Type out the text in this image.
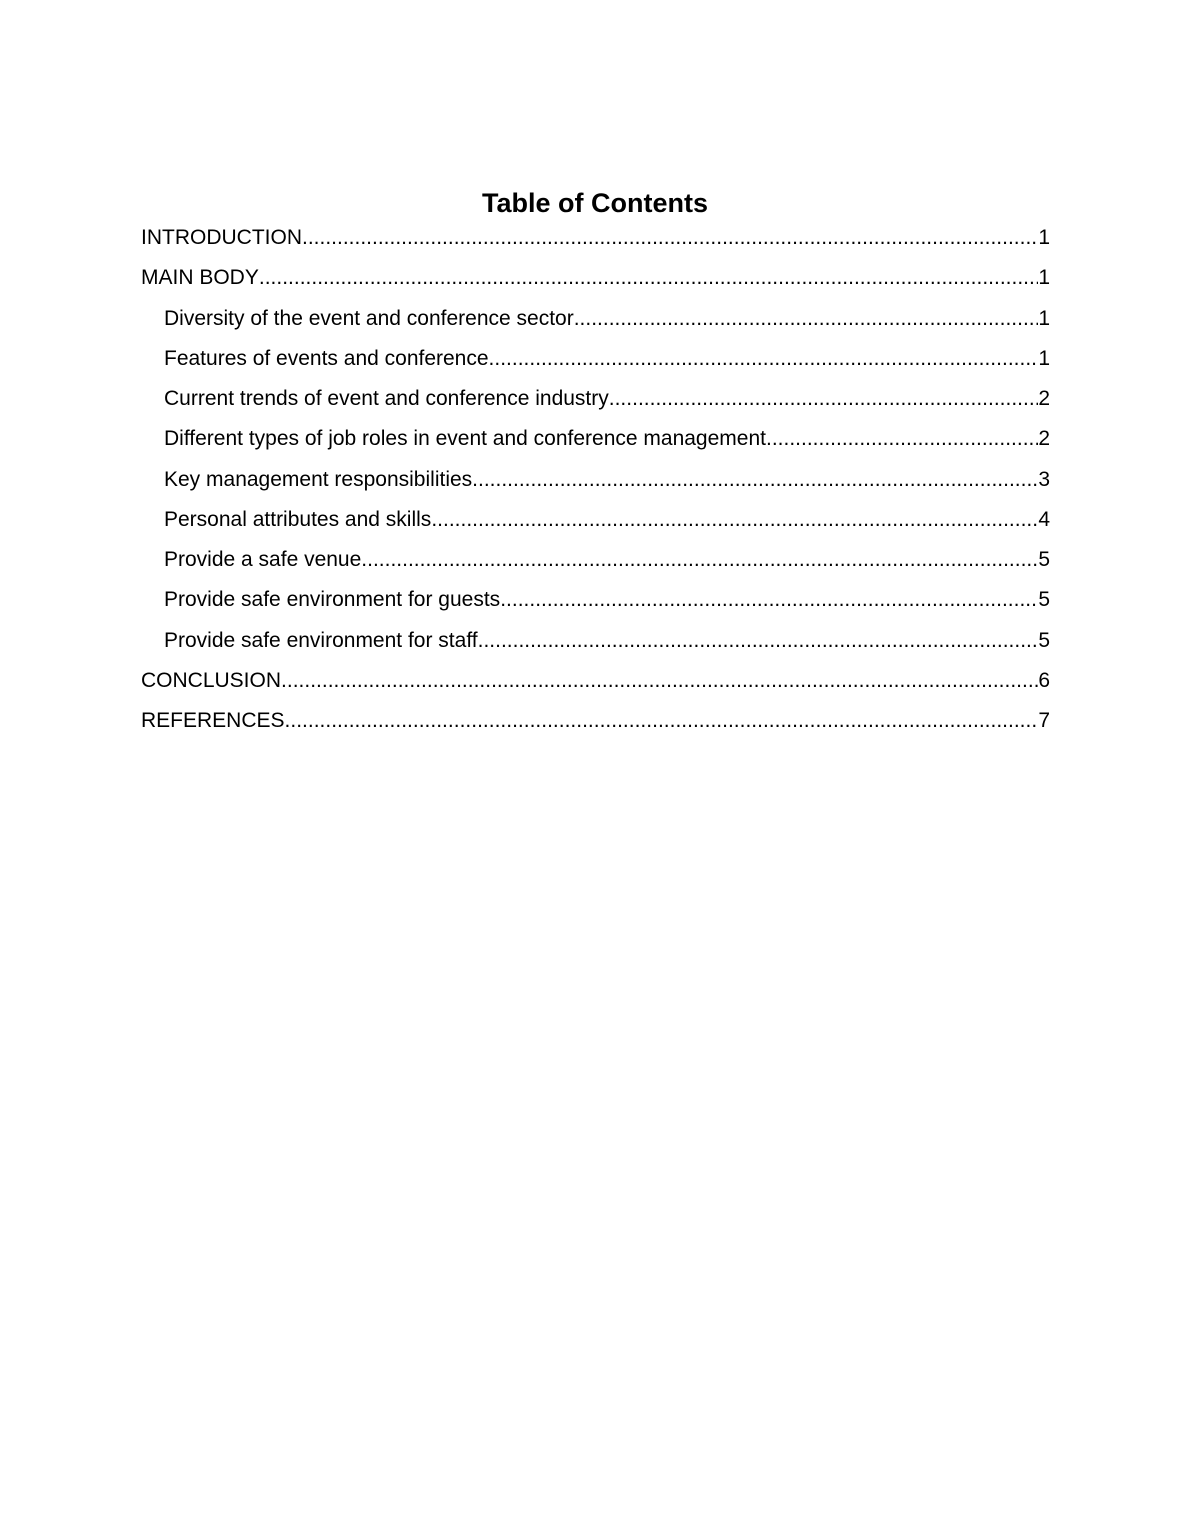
Table of Contents
INTRODUCTION .....	1
MAIN BODY .....	1
Diversity of the event and conference sector .....	1
Features of events and conference .....	1
Current trends of event and conference industry .....	2
Different types of job roles in event and conference management .....	2
Key management responsibilities .....	3
Personal attributes and skills .....	4
Provide a safe venue .....	5
Provide safe environment for guests .....	5
Provide safe environment for staff .....	5
CONCLUSION .....	6
REFERENCES .....	7
